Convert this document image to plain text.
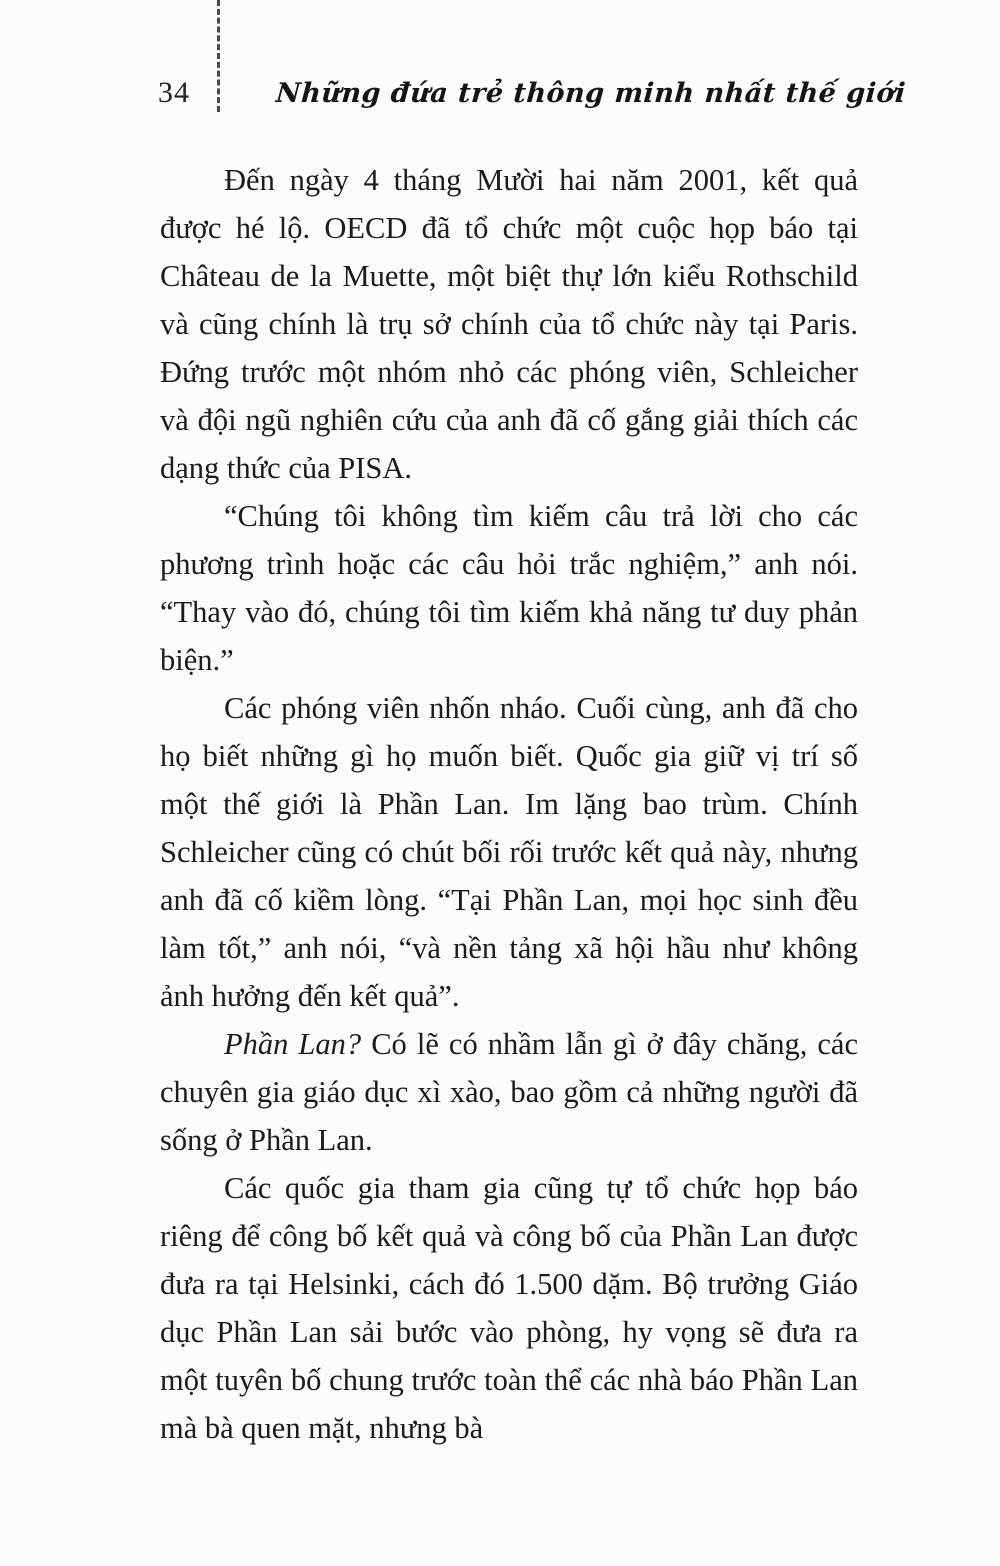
34	Những đứa trẻ thông minh nhất thế giới

Đến ngày 4 tháng Mười hai năm 2001, kết quả được hé lộ. OECD đã tổ chức một cuộc họp báo tại Château de la Muette, một biệt thự lớn kiểu Rothschild và cũng chính là trụ sở chính của tổ chức này tại Paris. Đứng trước một nhóm nhỏ các phóng viên, Schleicher và đội ngũ nghiên cứu của anh đã cố gắng giải thích các dạng thức của PISA.

“Chúng tôi không tìm kiếm câu trả lời cho các phương trình hoặc các câu hỏi trắc nghiệm,” anh nói. “Thay vào đó, chúng tôi tìm kiếm khả năng tư duy phản biện.”

Các phóng viên nhốn nháo. Cuối cùng, anh đã cho họ biết những gì họ muốn biết. Quốc gia giữ vị trí số một thế giới là Phần Lan. Im lặng bao trùm. Chính Schleicher cũng có chút bối rối trước kết quả này, nhưng anh đã cố kiềm lòng. “Tại Phần Lan, mọi học sinh đều làm tốt,” anh nói, “và nền tảng xã hội hầu như không ảnh hưởng đến kết quả”.

Phần Lan? Có lẽ có nhầm lẫn gì ở đây chăng, các chuyên gia giáo dục xì xào, bao gồm cả những người đã sống ở Phần Lan.

Các quốc gia tham gia cũng tự tổ chức họp báo riêng để công bố kết quả và công bố của Phần Lan được đưa ra tại Helsinki, cách đó 1.500 dặm. Bộ trưởng Giáo dục Phần Lan sải bước vào phòng, hy vọng sẽ đưa ra một tuyên bố chung trước toàn thể các nhà báo Phần Lan mà bà quen mặt, nhưng bà
